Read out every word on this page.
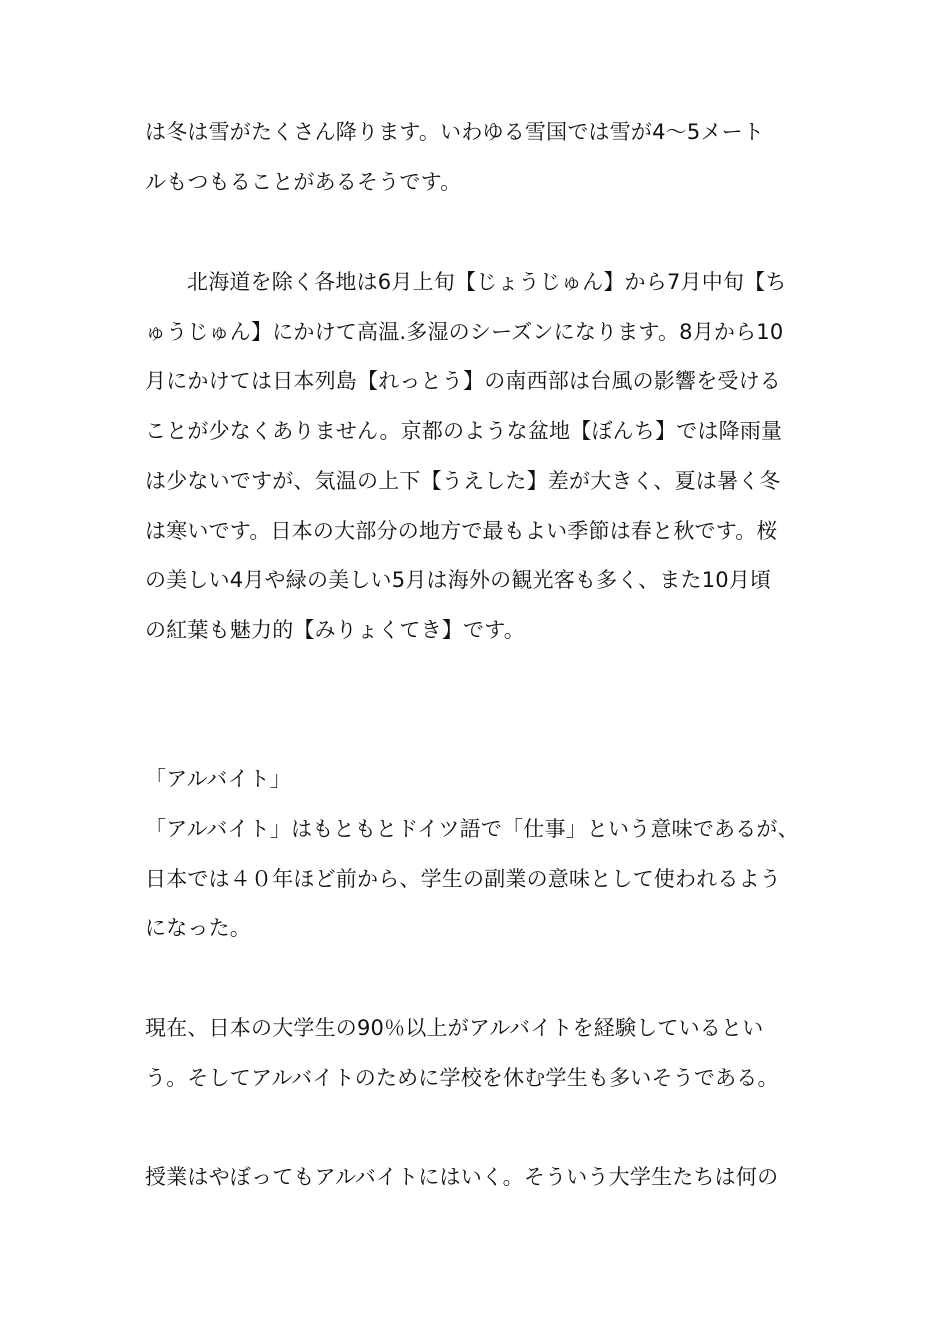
は冬は雪がたくさん降ります。いわゆる雪国では雪が4～5メート
ルもつもることがあるそうです。
北海道を除く各地は6月上旬【じょうじゅん】から7月中旬【ち
ゅうじゅん】にかけて高温.多湿のシーズンになります。8月から10
月にかけては日本列島【れっとう】の南西部は台風の影響を受ける
ことが少なくありません。京都のような盆地【ぼんち】では降雨量
は少ないですが、気温の上下【うえした】差が大きく、夏は暑く冬
は寒いです。日本の大部分の地方で最もよい季節は春と秋です。桜
の美しい4月や緑の美しい5月は海外の観光客も多く、また10月頃
の紅葉も魅力的【みりょくてき】です。
「アルバイト」
「アルバイト」はもともとドイツ語で「仕事」という意味であるが、
日本では４０年ほど前から、学生の副業の意味として使われるよう
になった。
現在、日本の大学生の90％以上がアルバイトを経験しているとい
う。そしてアルバイトのために学校を休む学生も多いそうである。
授業はやぼってもアルバイトにはいく。そういう大学生たちは何の
